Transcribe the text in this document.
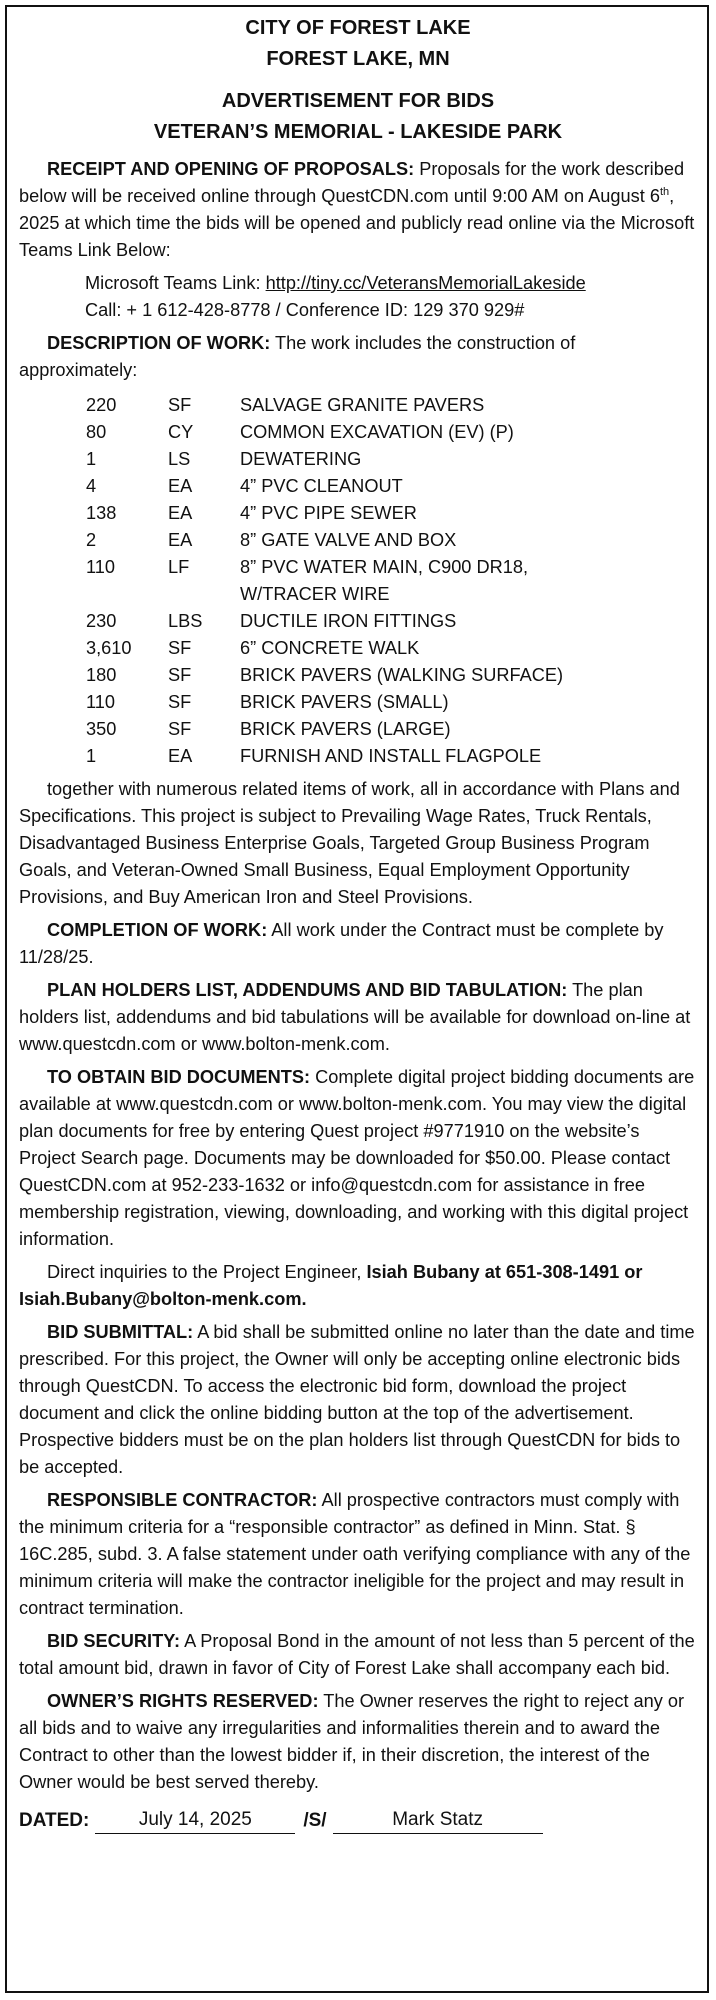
CITY OF FOREST LAKE
FOREST LAKE, MN
ADVERTISEMENT FOR BIDS
VETERAN’S MEMORIAL - LAKESIDE PARK

RECEIPT AND OPENING OF PROPOSALS: Proposals for the work described below will be received online through QuestCDN.com until 9:00 AM on August 6th, 2025 at which time the bids will be opened and publicly read online via the Microsoft Teams Link Below:

Microsoft Teams Link: http://tiny.cc/VeteransMemorialLakeside
Call: + 1 612-428-8778 / Conference ID: 129 370 929#

DESCRIPTION OF WORK: The work includes the construction of approximately:

220	SF	SALVAGE GRANITE PAVERS

80	CY	COMMON EXCAVATION (EV) (P)

1	LS	DEWATERING

4	EA	4” PVC CLEANOUT

138	EA	4” PVC PIPE SEWER

2	EA	8” GATE VALVE AND BOX

110	LF	8” PVC WATER MAIN, C900 DR18,
W/TRACER WIRE

230	LBS	DUCTILE IRON FITTINGS

3,610	SF	6” CONCRETE WALK

180	SF	BRICK PAVERS (WALKING SURFACE)

110	SF	BRICK PAVERS (SMALL)

350	SF	BRICK PAVERS (LARGE)

1	EA	FURNISH AND INSTALL FLAGPOLE

together with numerous related items of work, all in accordance with Plans and Specifications. This project is subject to Prevailing Wage Rates, Truck Rentals, Disadvantaged Business Enterprise Goals, Targeted Group Business Program Goals, and Veteran-Owned Small Business, Equal Employment Opportunity Provisions, and Buy American Iron and Steel Provisions.

COMPLETION OF WORK: All work under the Contract must be complete by 11/28/25.

PLAN HOLDERS LIST, ADDENDUMS AND BID TABULATION: The plan holders list, addendums and bid tabulations will be available for download on-line at www.questcdn.com or www.bolton-menk.com.

TO OBTAIN BID DOCUMENTS: Complete digital project bidding documents are available at www.questcdn.com or www.bolton-menk.com. You may view the digital plan documents for free by entering Quest project #9771910 on the website’s Project Search page. Documents may be downloaded for $50.00. Please contact QuestCDN.com at 952-233-1632 or info@questcdn.com for assistance in free membership registration, viewing, downloading, and working with this digital project information.

Direct inquiries to the Project Engineer, Isiah Bubany at 651-308-1491 or Isiah.Bubany@bolton-menk.com.

BID SUBMITTAL: A bid shall be submitted online no later than the date and time prescribed. For this project, the Owner will only be accepting online electronic bids through QuestCDN. To access the electronic bid form, download the project document and click the online bidding button at the top of the advertisement. Prospective bidders must be on the plan holders list through QuestCDN for bids to be accepted.

RESPONSIBLE CONTRACTOR: All prospective contractors must comply with the minimum criteria for a “responsible contractor” as defined in Minn. Stat. § 16C.285, subd. 3. A false statement under oath verifying compliance with any of the minimum criteria will make the contractor ineligible for the project and may result in contract termination.

BID SECURITY: A Proposal Bond in the amount of not less than 5 percent of the total amount bid, drawn in favor of City of Forest Lake shall accompany each bid.

OWNER’S RIGHTS RESERVED: The Owner reserves the right to reject any or all bids and to waive any irregularities and informalities therein and to award the Contract to other than the lowest bidder if, in their discretion, the interest of the Owner would be best served thereby.

DATED:	July 14, 2025	/S/	Mark Statz
